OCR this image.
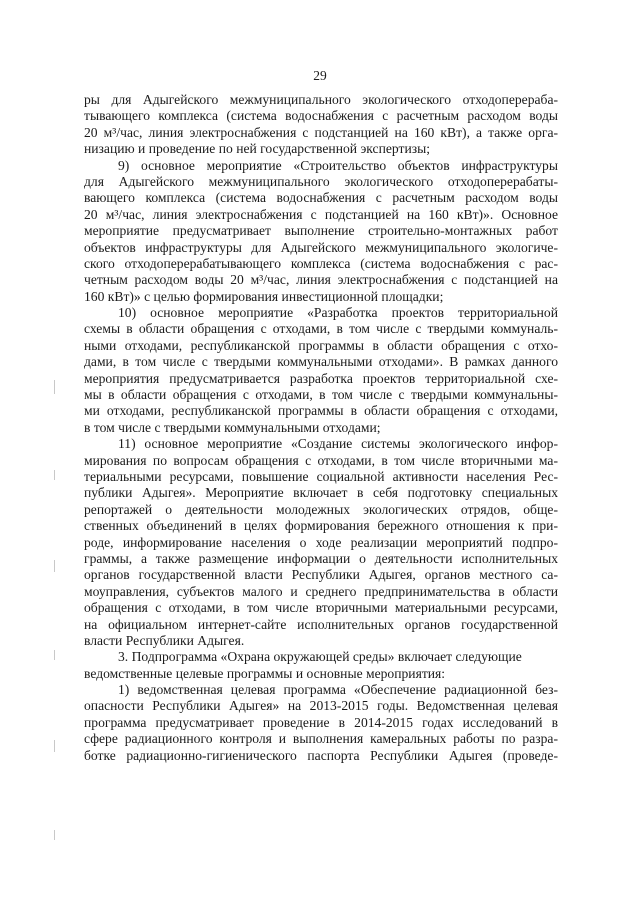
29
ры для Адыгейского межмуниципального экологического отходоперераба-
тывающего комплекса (система водоснабжения с расчетным расходом воды
20 м³/час, линия электроснабжения с подстанцией на 160 кВт), а также орга-
низацию и проведение по ней государственной экспертизы;
9) основное мероприятие «Строительство объектов инфраструктуры
для Адыгейского межмуниципального экологического отходоперерабаты-
вающего комплекса (система водоснабжения с расчетным расходом воды
20 м³/час, линия электроснабжения с подстанцией на 160 кВт)». Основное
мероприятие предусматривает выполнение строительно-монтажных работ
объектов инфраструктуры для Адыгейского межмуниципального экологиче-
ского отходоперерабатывающего комплекса (система водоснабжения с рас-
четным расходом воды 20 м³/час, линия электроснабжения с подстанцией на
160 кВт)» с целью формирования инвестиционной площадки;
10) основное мероприятие «Разработка проектов территориальной
схемы в области обращения с отходами, в том числе с твердыми коммуналь-
ными отходами, республиканской программы в области обращения с отхо-
дами, в том числе с твердыми коммунальными отходами». В рамках данного
мероприятия предусматривается разработка проектов территориальной схе-
мы в области обращения с отходами, в том числе с твердыми коммунальны-
ми отходами, республиканской программы в области обращения с отходами,
в том числе с твердыми коммунальными отходами;
11) основное мероприятие «Создание системы экологического инфор-
мирования по вопросам обращения с отходами, в том числе вторичными ма-
териальными ресурсами, повышение социальной активности населения Рес-
публики Адыгея». Мероприятие включает в себя подготовку специальных
репортажей о деятельности молодежных экологических отрядов, обще-
ственных объединений в целях формирования бережного отношения к при-
роде, информирование населения о ходе реализации мероприятий подпро-
граммы, а также размещение информации о деятельности исполнительных
органов государственной власти Республики Адыгея, органов местного са-
моуправления, субъектов малого и среднего предпринимательства в области
обращения с отходами, в том числе вторичными материальными ресурсами,
на официальном интернет-сайте исполнительных органов государственной
власти Республики Адыгея.
3. Подпрограмма «Охрана окружающей среды» включает следующие
ведомственные целевые программы и основные мероприятия:
1) ведомственная целевая программа «Обеспечение радиационной без-
опасности Республики Адыгея» на 2013-2015 годы. Ведомственная целевая
программа предусматривает проведение в 2014-2015 годах исследований в
сфере радиационного контроля и выполнения камеральных работы по разра-
ботке радиационно-гигиенического паспорта Республики Адыгея (проведе-
